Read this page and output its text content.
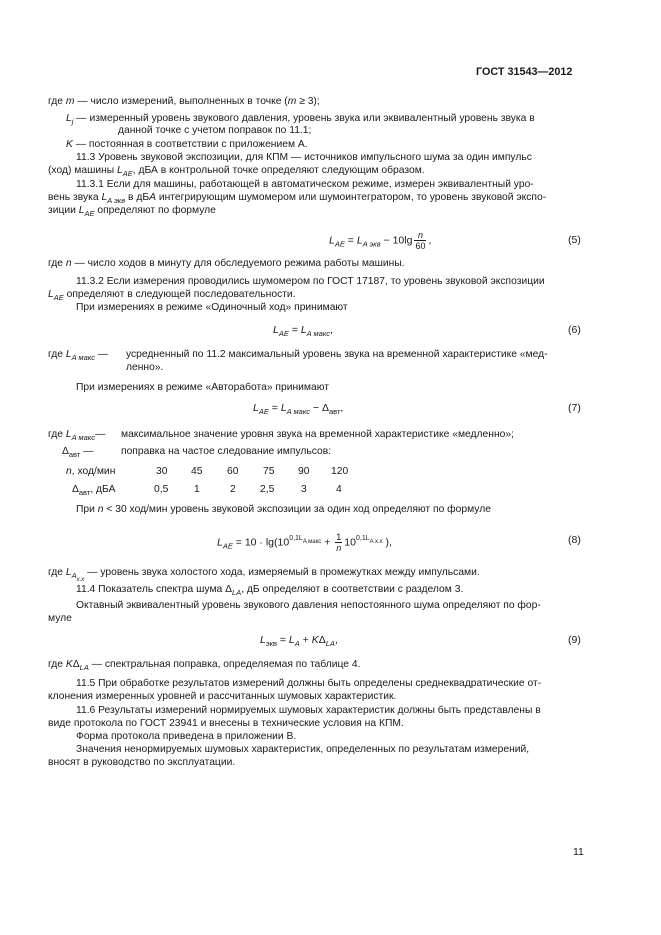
ГОСТ 31543—2012
где m — число измерений, выполненных в точке (m ≥ 3);
$L_j$ — измеренный уровень звукового давления, уровень звука или эквивалентный уровень звука в
данной точке с учетом поправок по 11.1;
K — постоянная в соответствии с приложением А.
11.3 Уровень звуковой экспозиции, для КПМ — источников импульсного шума за один импульс
(ход) машины $L_{AE}$, дБА в контрольной точке определяют следующим образом.
11.3.1 Если для машины, работающей в автоматическом режиме, измерен эквивалентный уро-
вень звука $L_{A экв}$ в дБA интегрирующим шумомером или шумоинтегратором, то уровень звуковой экспо-
зиции $L_{AE}$ определяют по формуле
$L_{AE} = L_{A экв} - 10\lg \frac{n}{60}$ ,	(5)
где n — число ходов в минуту для обследуемого режима работы машины.
11.3.2 Если измерения проводились шумомером по ГОСТ 17187, то уровень звуковой экспозиции
$L_{AE}$ определяют в следующей последовательности.
При измерениях в режиме «Одиночный ход» принимают
$L_{AE} = L_{A макс}$,	(6)
где $L_{A макс}$ — усредненный по 11.2 максимальный уровень звука на временной характеристике «мед-
ленно».
При измерениях в режиме «Авторабота» принимают
$L_{AE} = L_{A макс} - \Delta_{авт}$,	(7)
где $L_{A макс}—$ максимальное значение уровня звука на временной характеристике «медленно»;
$\Delta_{авт}$ —	поправка на частое следование импульсов:
n, ход/мин	30 45 60 75 90 120
$\Delta_{авт}$, дБА	0,5 1	2 2,5	3	4
При n < 30 ход/мин уровень звуковой экспозиции за один ход определяют по формуле
$L_{AE} = 10 \cdot \lg(10^{0,1L_{A макс}} + \frac{1}{n} 10^{0,1L_{A х.х}}$ ),	(8)
где $L_{A_{х.х}}$ — уровень звука холостого хода, измеряемый в промежутках между импульсами.
11.4 Показатель спектра шума $\Delta_{LA}$, дБ определяют в соответствии с разделом 3.
Октавный эквивалентный уровень звукового давления непостоянного шума определяют по фор-
муле
$L_{экв} = L_A + K\Delta_{LA}$,	(9)
где $K\Delta_{LA}$ — спектральная поправка, определяемая по таблице 4.
11.5 При обработке результатов измерений должны быть определены среднеквадратические от-
клонения измеренных уровней и рассчитанных шумовых характеристик.
11.6 Результаты измерений нормируемых шумовых характеристик должны быть представлены в
виде протокола по ГОСТ 23941 и внесены в технические условия на КПМ.
Форма протокола приведена в приложении В.
Значения ненормируемых шумовых характеристик, определенных по результатам измерений,
вносят в руководство по эксплуатации.
11
